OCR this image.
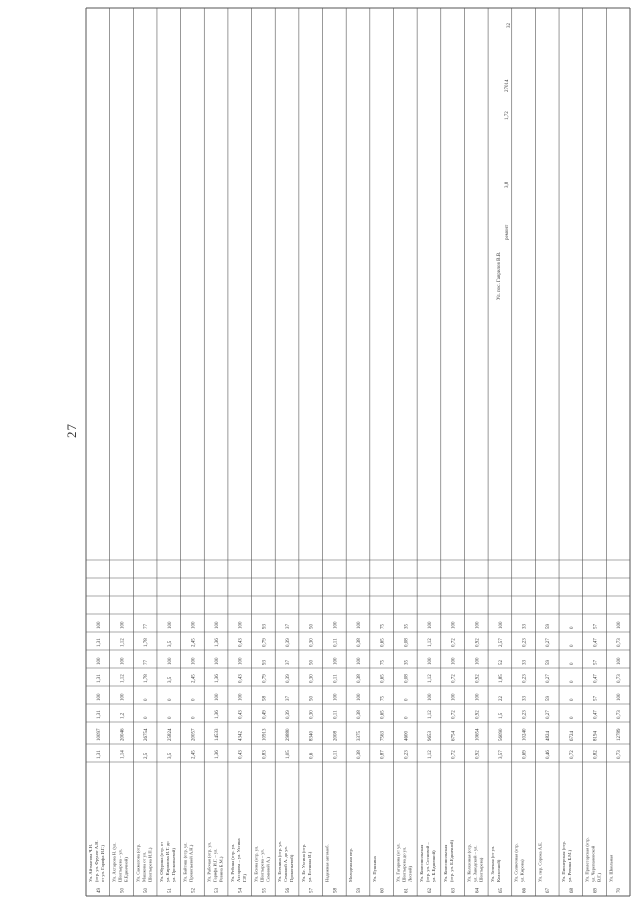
49
Ул. Айтматова Ч.Н. (отр. ул. Фрунзе А.Н. от ул. Гарифа И.Г.)
1,31
10097
1,31
100
1,31
100
1,31
100
50
Ул. Ахтарова Н. (ул. Шолтырева – ул. Б.Едничной)
1,14
20046
1,2
100
1,12
100
1,12
100
50
Ул. Сакматова (отр. Машкова от ул. Шолтырева И.П.)
2,5
26754
0
0
1,78
77
1,78
77
51
Ул. Обурина (отр. от ул. Кирилова И.Т. до ул. Прокопьевой)
3,5
25824
0
0
3,5
100
3,5
100
52
Ул. Байтиш (отр. ул. Прокопьевой А.Н.)
2,45
20057
0
0
2,45
100
2,45
100
53
Ул. Рабочая (отр. ул. Гарифа И.Г. – ул. Ревина Б.М.)
1,36
14533
1,36
100
1,36
100
1,36
100
54
Ул. Ребина (отр. ул. Ахтарова – ул. Ухтина Г.Р.)
0,43
4342
0,43
100
0,43
100
0,43
100
55
Ул. Есина (отр. ул. Шолтырева – ул. Семиной А.)
0,83
10913
0,49
58
0,79
93
0,79
93
56
Ул. Есенина (отр. ул. Семиной А. до ул. Прокопьевой)
1,05
29880
0,39
37
0,39
37
0,39
37
57
Ул. Ег. Ухтина (отр. ул. Есенина И.)
0,6
8340
0,30
50
0,30
50
0,30
50
58
Надежная автомоб.
0,11
2008
0,11
100
0,11
100
0,11
100
59
Молодежная пер.
0,38
3375
0,38
100
0,38
100
0,38
100
60
Ул. Пушкина
0,87
7563
0,65
75
0,65
75
0,65
75
61
Ул. Гагарина (от ул. Шолтырева до ул. Лесной)
0,23
4600
0
0
0,08
35
0,08
35
62
Ул. Комсомольская (отр. ул. Сосновой – ул. Б.Едничной)
1,12
9653
1,12
100
1,12
100
1,12
100
63
Ул. Комсомольская (отр. ул. Б.Едничной)
0,72
6754
0,72
100
0,72
100
0,72
100
64
Ул. Колхозная (отр. ул. Заводской – ул. Шолтырева)
0,92
10654
0,92
100
0,92
100
0,92
100
65
Ул. Зеленая (от ул. Колхозной)
3,57
56090
1,5
22
1,85
52
2,57
100
66
Ул. Солнечная (отр. ул. Кирова)
0,69
10240
0,23
33
0,23
33
0,23
33
67
Ул. пер. Сорока А.Е.
0,46
4824
0,27
59
0,27
59
0,27
59
68
Ул. Пионерская (отр. ул. Ревина Б.М.)
0,72
6724
0
0
0
0
0
0
69
Ул. Пролетарская (отр. ул. Черепановской В.Г.)
0,82
8194
0,47
57
0,47
57
0,47
57
70
Ул. Школьная
0,73
12789
0,73
100
0,73
100
0,73
100
Ул. пос. Гаврилов В.В.
ремонт
3,8
1,72
27014
32
27
